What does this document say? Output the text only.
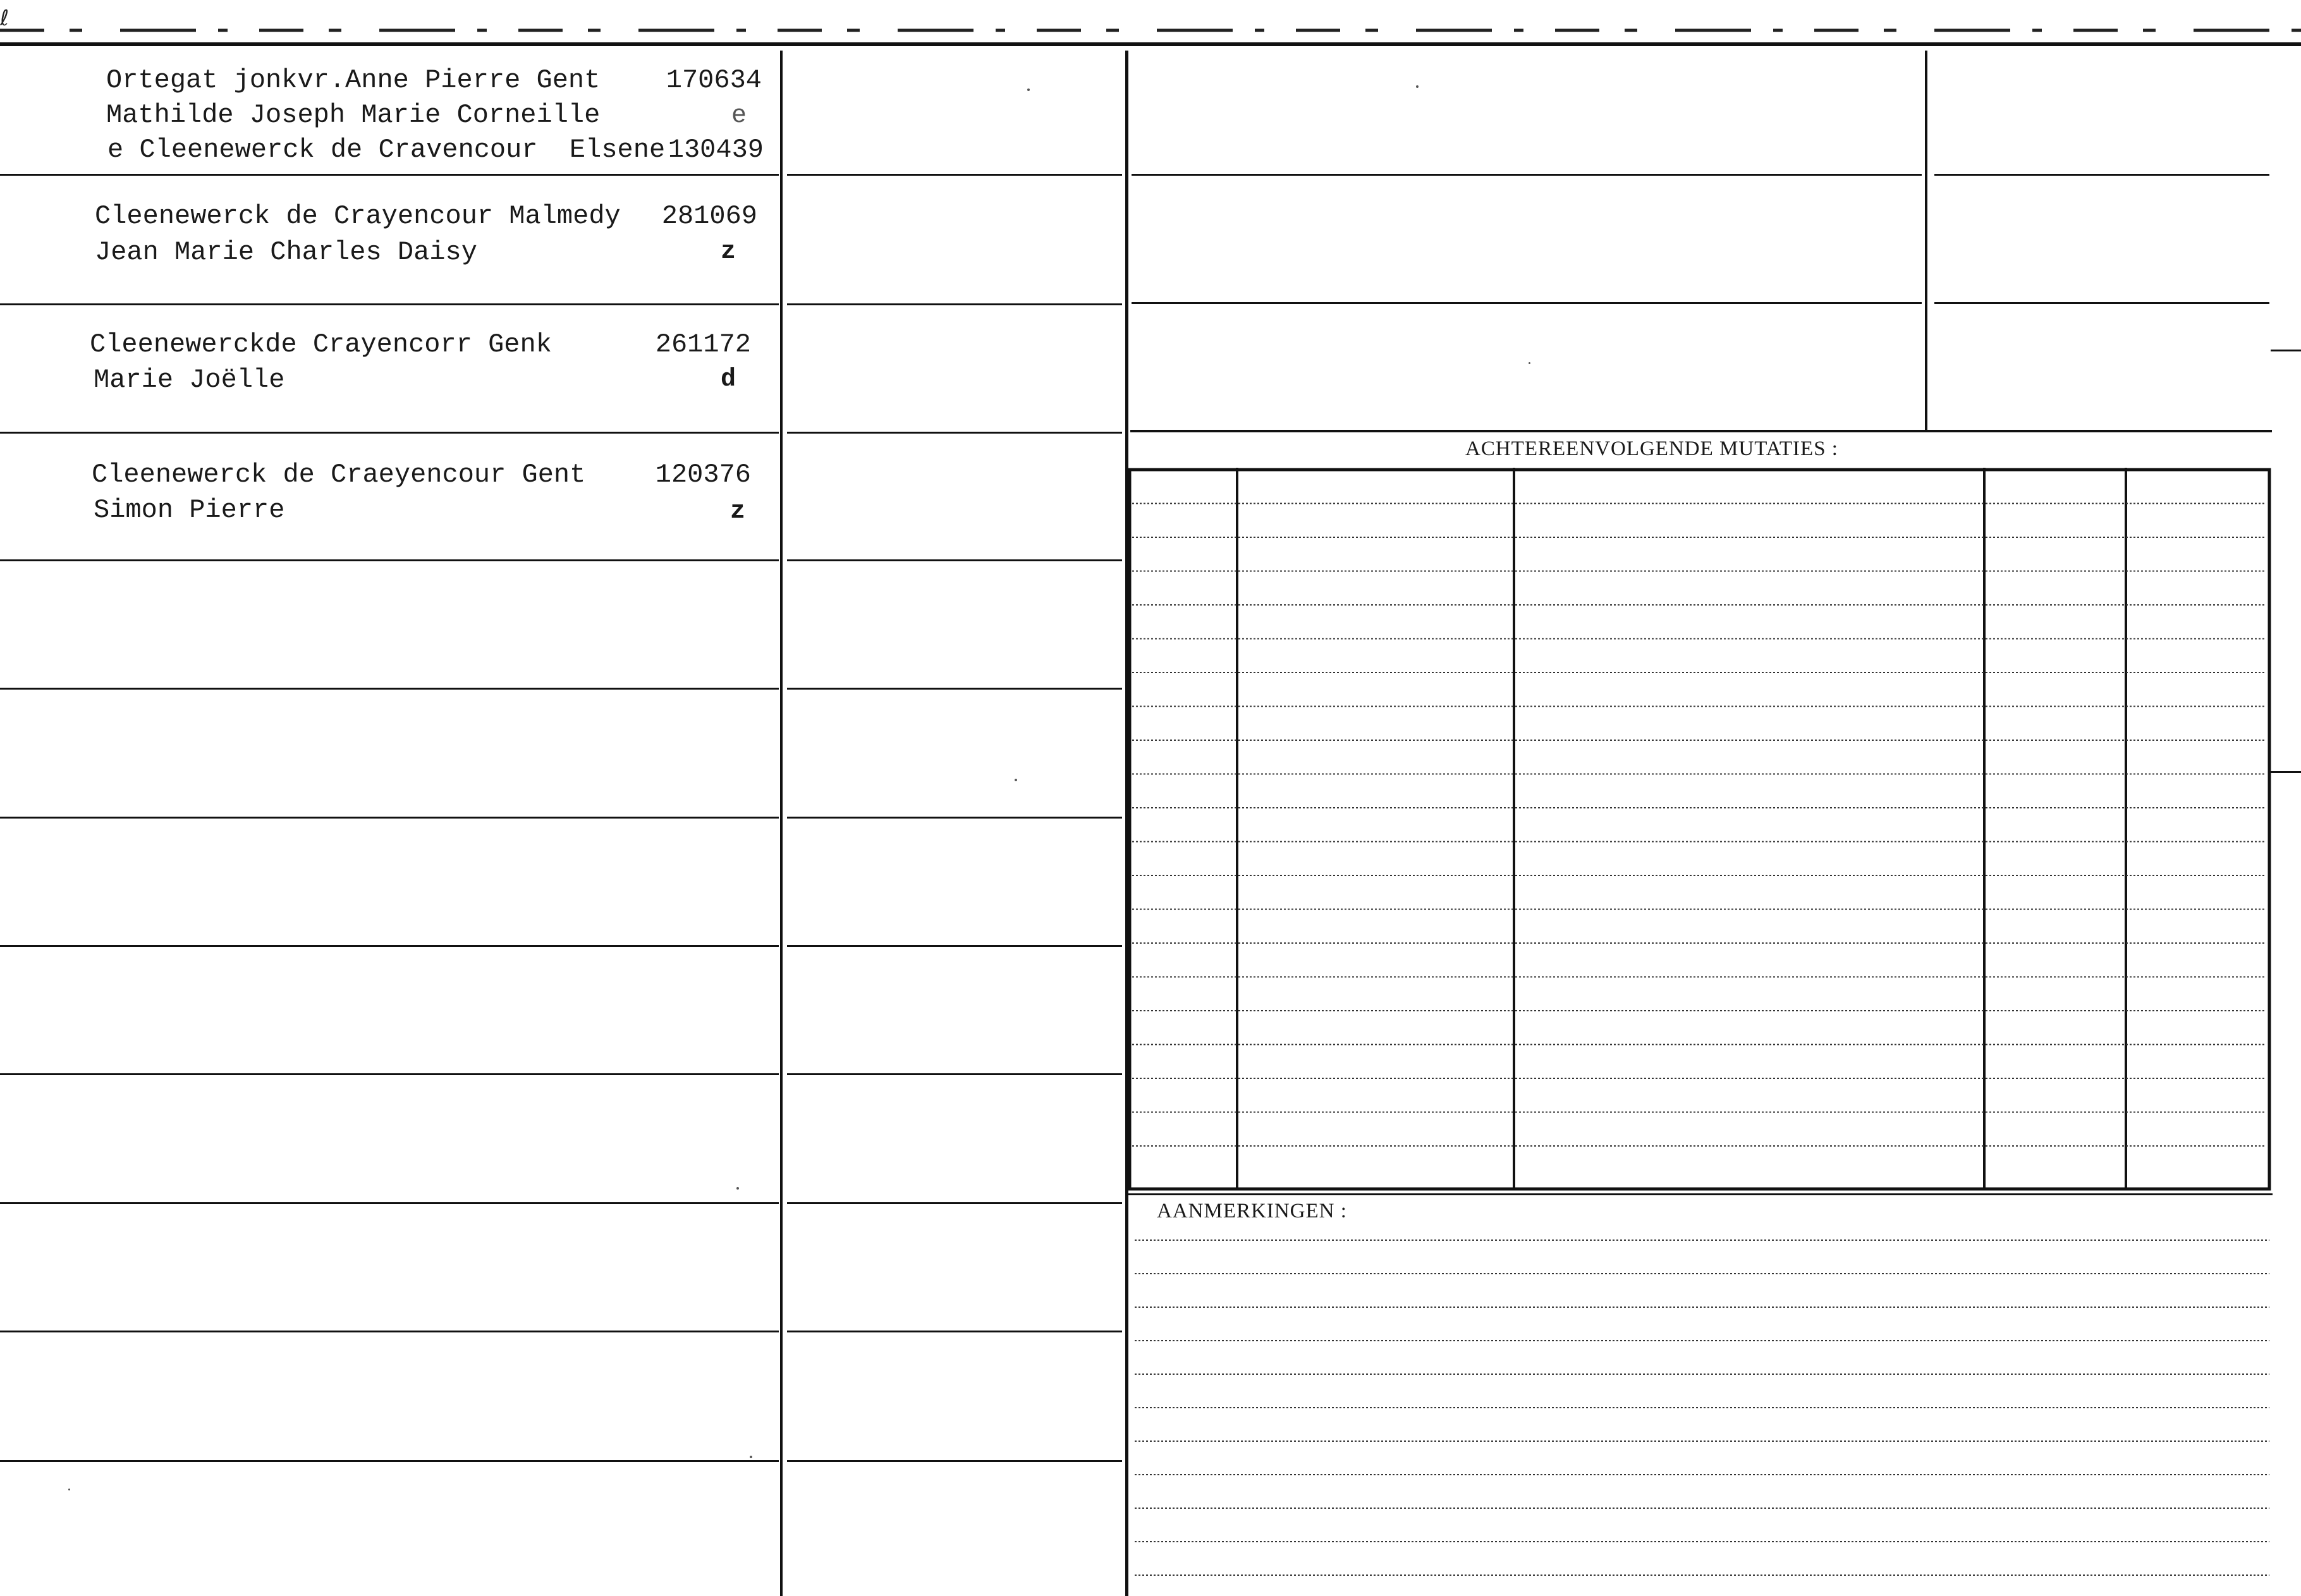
ℓ
ACHTEREENVOLGENDE MUTATIES :
AANMERKINGEN :
Ortegat jonkvr.Anne Pierre Gent 170634
Mathilde Joseph Marie Corneille	e
e Cleenewerck de Cravencour  Elsene 130439
Cleenewerck de Crayencour Malmedy 281069
Jean Marie Charles Daisy	z
Cleenewerckde Crayencorr Genk	261172
Marie Joëlle	d
Cleenewerck de Craeyencour Gent	120376
Simon Pierre	z
